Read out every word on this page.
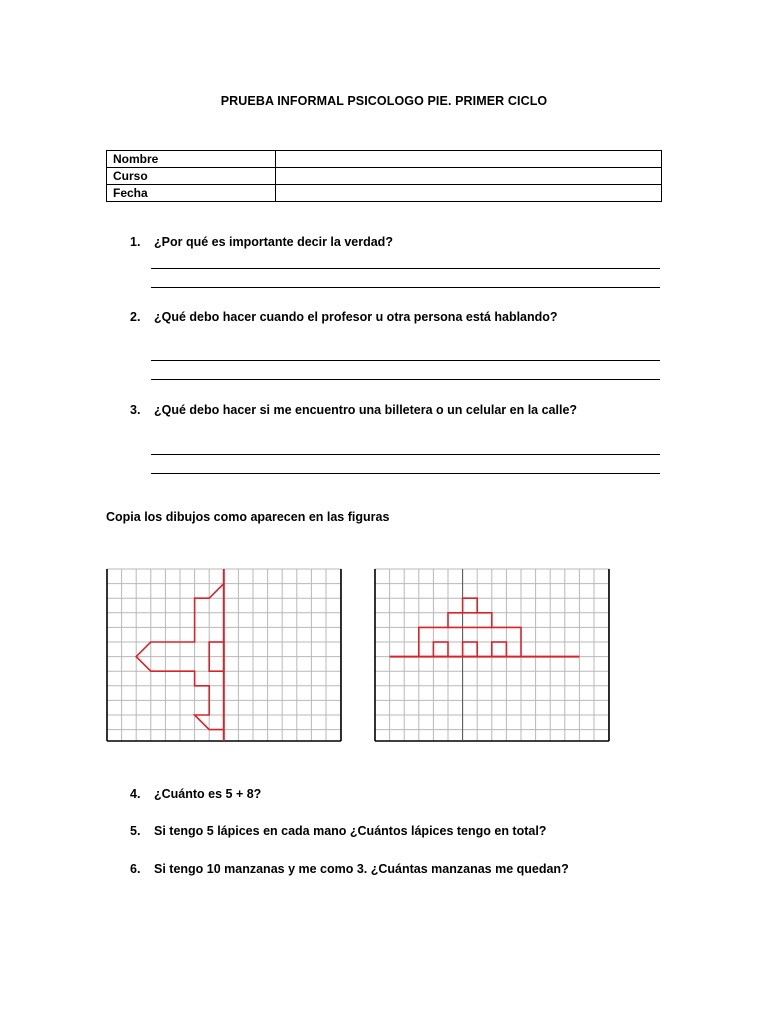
PRUEBA INFORMAL PSICOLOGO PIE. PRIMER CICLO
Nombre	
Curso	
Fecha	
1. ¿Por qué es importante decir la verdad?
2. ¿Qué debo hacer cuando el profesor u otra persona está hablando?
3. ¿Qué debo hacer si me encuentro una billetera o un celular en la calle?
Copia los dibujos como aparecen en las figuras
4. ¿Cuánto es 5 + 8?
5. Si tengo 5 lápices en cada mano ¿Cuántos lápices tengo en total?
6. Si tengo 10 manzanas y me como 3. ¿Cuántas manzanas me quedan?
